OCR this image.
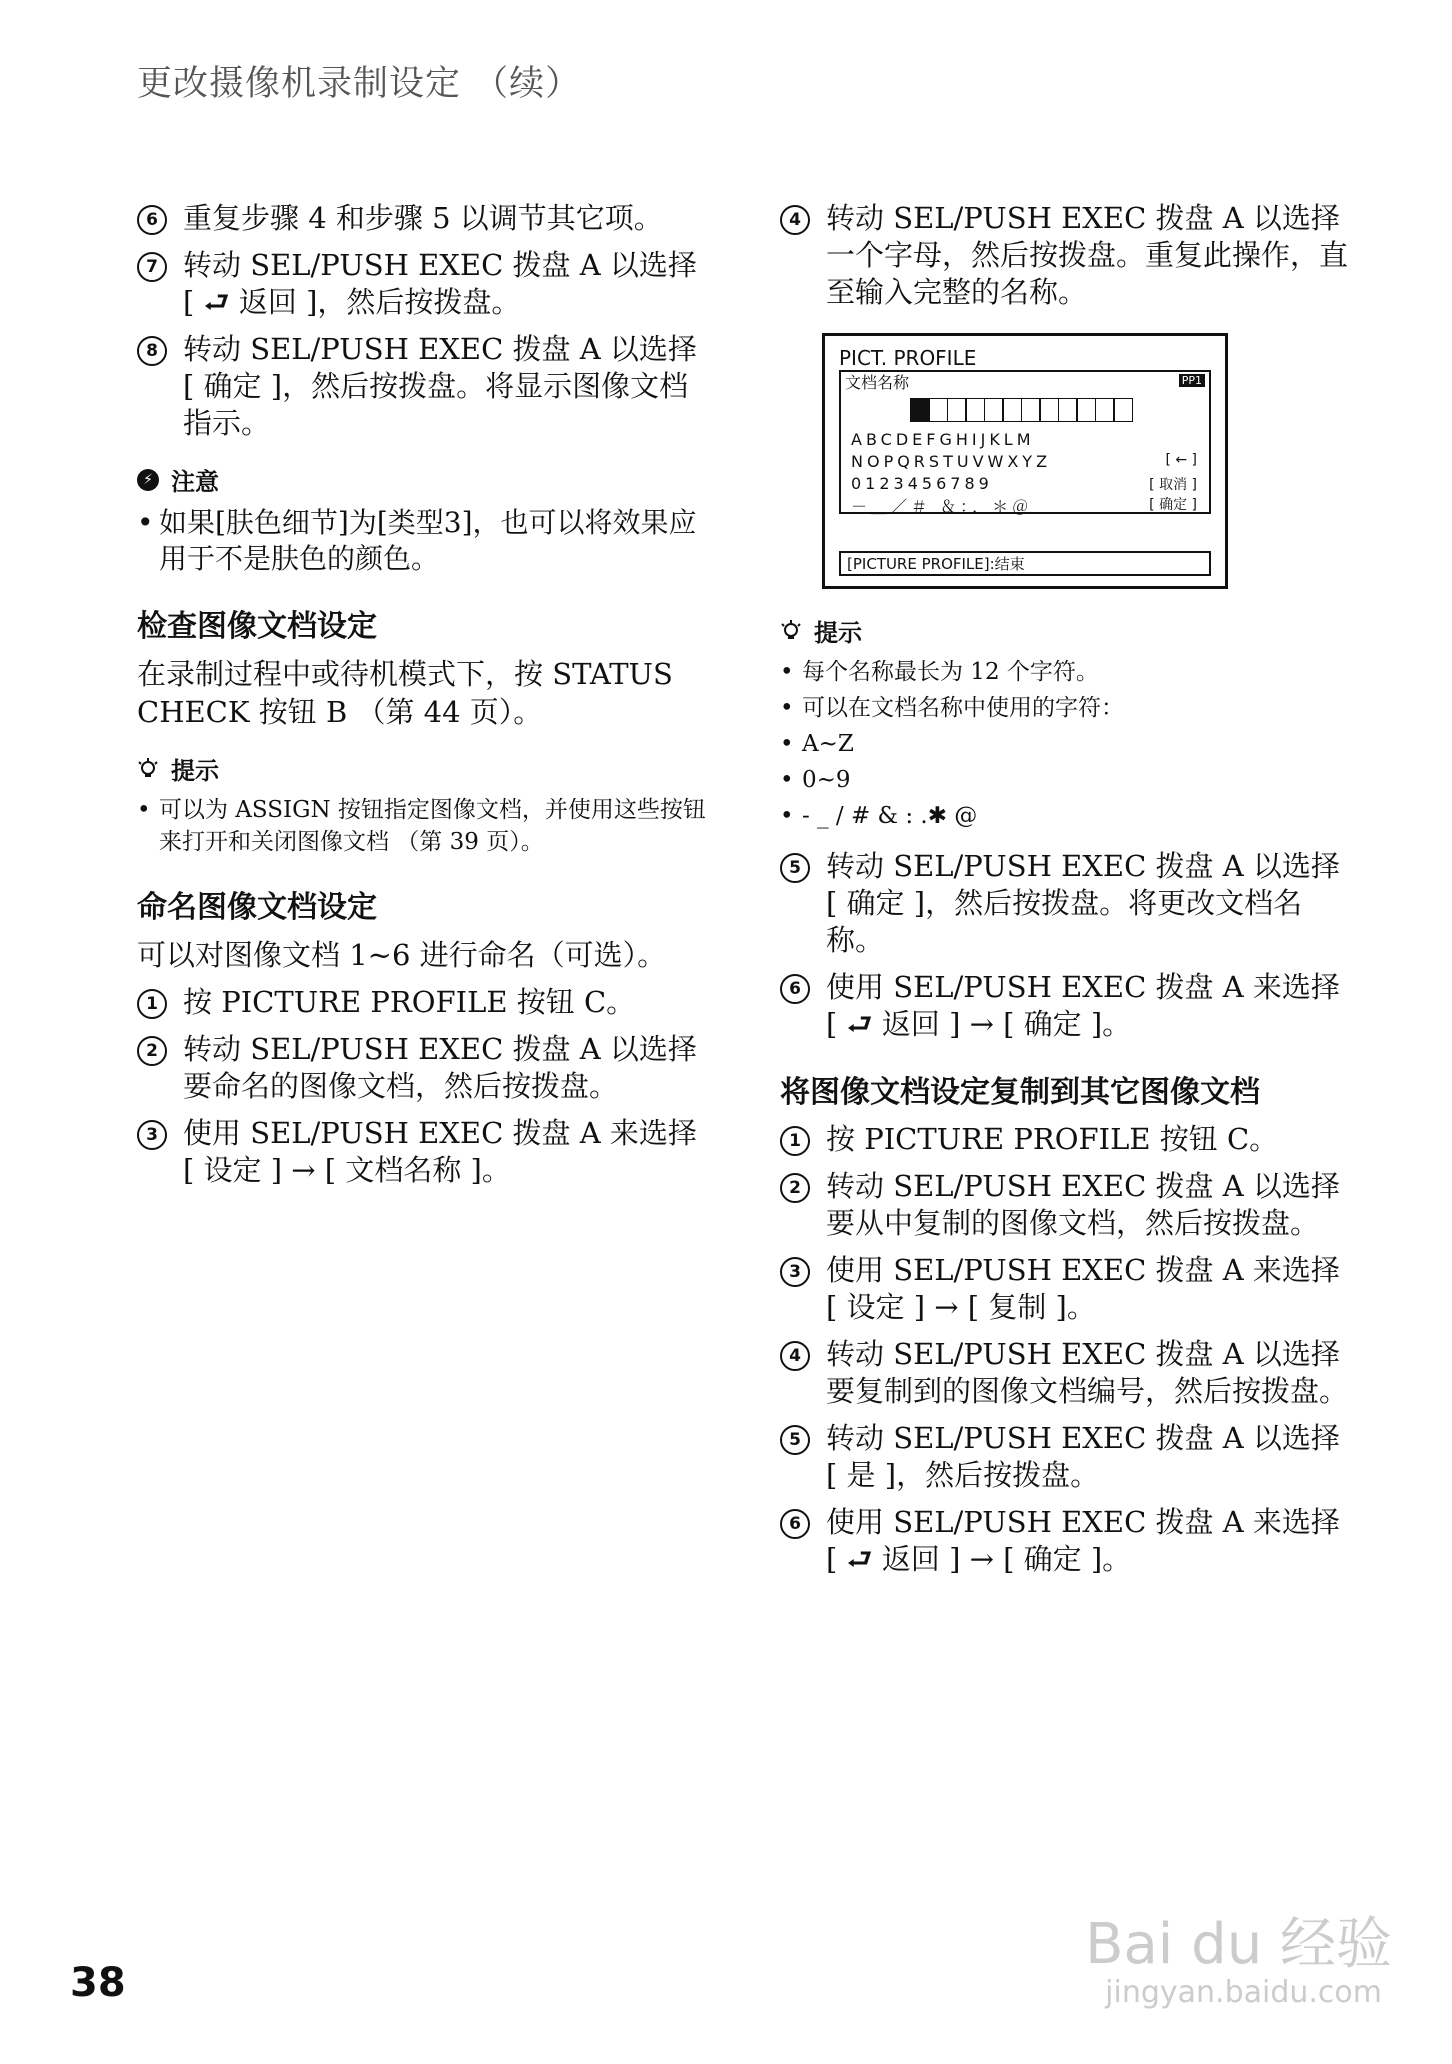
更改摄像机录制设定 （续）
6 重复步骤 4 和步骤 5 以调节其它项。
7 转动 SEL/PUSH EXEC 拨盘 A 以选择 [ ⮐ 返回 ]，然后按拨盘。
8 转动 SEL/PUSH EXEC 拨盘 A 以选择 [ 确定 ]，然后按拨盘。将显示图像文档指示。
⚡ 注意
• 如果[肤色细节]为[类型3]，也可以将效果应用于不是肤色的颜色。
检查图像文档设定
在录制过程中或待机模式下，按 STATUS CHECK 按钮 B （第 44 页）。
提示
• 可以为 ASSIGN 按钮指定图像文档，并使用这些按钮来打开和关闭图像文档 （第 39 页）。
命名图像文档设定
可以对图像文档 1~6 进行命名（可选）。
1 按 PICTURE PROFILE 按钮 C。
2 转动 SEL/PUSH EXEC 拨盘 A 以选择要命名的图像文档，然后按拨盘。
3 使用 SEL/PUSH EXEC 拨盘 A 来选择 [ 设定 ] → [ 文档名称 ]。
4 转动 SEL/PUSH EXEC 拨盘 A 以选择一个字母，然后按拨盘。重复此操作，直至输入完整的名称。
PICT. PROFILE
文档名称	PP1
ABCDEFGHIJKLM
NOPQRSTUVWXYZ
0123456789
－＿／＃ ＆：．＊＠
[ ← ]
[ 取消 ]
[ 确定 ]
[PICTURE PROFILE]:结束
提示
• 每个名称最长为 12 个字符。
• 可以在文档名称中使用的字符：
• A~Z
• 0~9
• - _ / # & : .✱ @
5 转动 SEL/PUSH EXEC 拨盘 A 以选择 [ 确定 ]，然后按拨盘。将更改文档名称。
6 使用 SEL/PUSH EXEC 拨盘 A 来选择 [ ⮐ 返回 ] → [ 确定 ]。
将图像文档设定复制到其它图像文档
1 按 PICTURE PROFILE 按钮 C。
2 转动 SEL/PUSH EXEC 拨盘 A 以选择要从中复制的图像文档，然后按拨盘。
3 使用 SEL/PUSH EXEC 拨盘 A 来选择 [ 设定 ] → [ 复制 ]。
4 转动 SEL/PUSH EXEC 拨盘 A 以选择要复制到的图像文档编号，然后按拨盘。
5 转动 SEL/PUSH EXEC 拨盘 A 以选择 [ 是 ]，然后按拨盘。
6 使用 SEL/PUSH EXEC 拨盘 A 来选择 [ ⮐ 返回 ] → [ 确定 ]。
38
Bai du 经验
jingyan.baidu.com
